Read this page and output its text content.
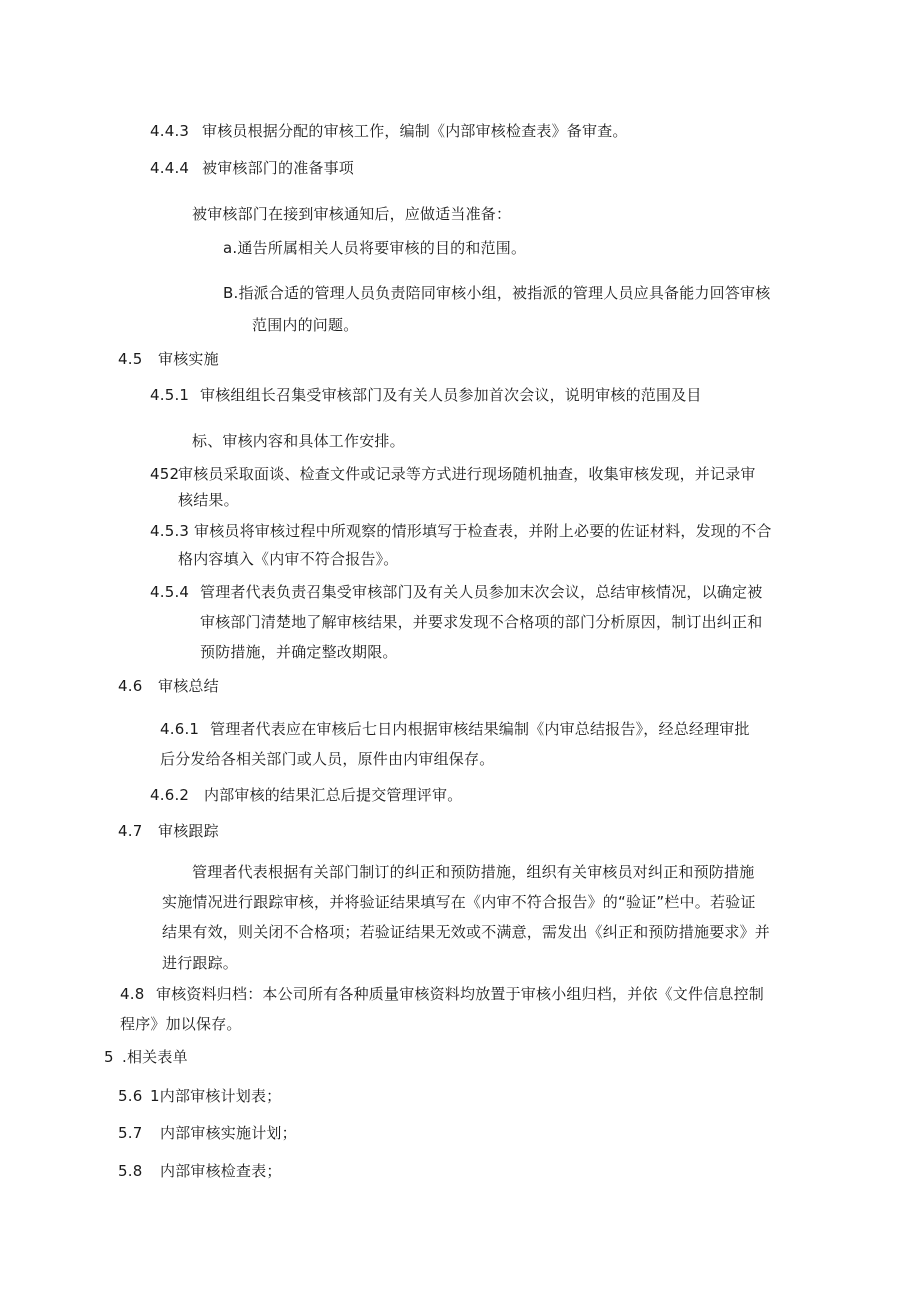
4.4.3 审核员根据分配的审核工作，编制《内部审核检查表》备审查。
4.4.4 被审核部门的准备事项
被审核部门在接到审核通知后，应做适当准备：
a.通告所属相关人员将要审核的目的和范围。
B.指派合适的管理人员负责陪同审核小组，被指派的管理人员应具备能力回答审核
范围内的问题。
4.5 审核实施
4.5.1 审核组组长召集受审核部门及有关人员参加首次会议，说明审核的范围及目
标、审核内容和具体工作安排。
452审核员采取面谈、检查文件或记录等方式进行现场随机抽查，收集审核发现，并记录审
核结果。
4.5.3 审核员将审核过程中所观察的情形填写于检查表，并附上必要的佐证材料，发现的不合
格内容填入《内审不符合报告》。
4.5.4 管理者代表负责召集受审核部门及有关人员参加末次会议，总结审核情况，以确定被
审核部门清楚地了解审核结果，并要求发现不合格项的部门分析原因，制订出纠正和
预防措施，并确定整改期限。
4.6 审核总结
4.6.1 管理者代表应在审核后七日内根据审核结果编制《内审总结报告》，经总经理审批
后分发给各相关部门或人员，原件由内审组保存。
4.6.2 内部审核的结果汇总后提交管理评审。
4.7 审核跟踪
管理者代表根据有关部门制订的纠正和预防措施，组织有关审核员对纠正和预防措施
实施情况进行跟踪审核，并将验证结果填写在《内审不符合报告》的“验证”栏中。若验证
结果有效，则关闭不合格项；若验证结果无效或不满意，需发出《纠正和预防措施要求》并
进行跟踪。
4.8 审核资料归档：本公司所有各种质量审核资料均放置于审核小组归档，并依《文件信息控制
程序》加以保存。
5 .相关表单
5.6 1内部审核计划表；
5.7 内部审核实施计划；
5.8 内部审核检查表；
